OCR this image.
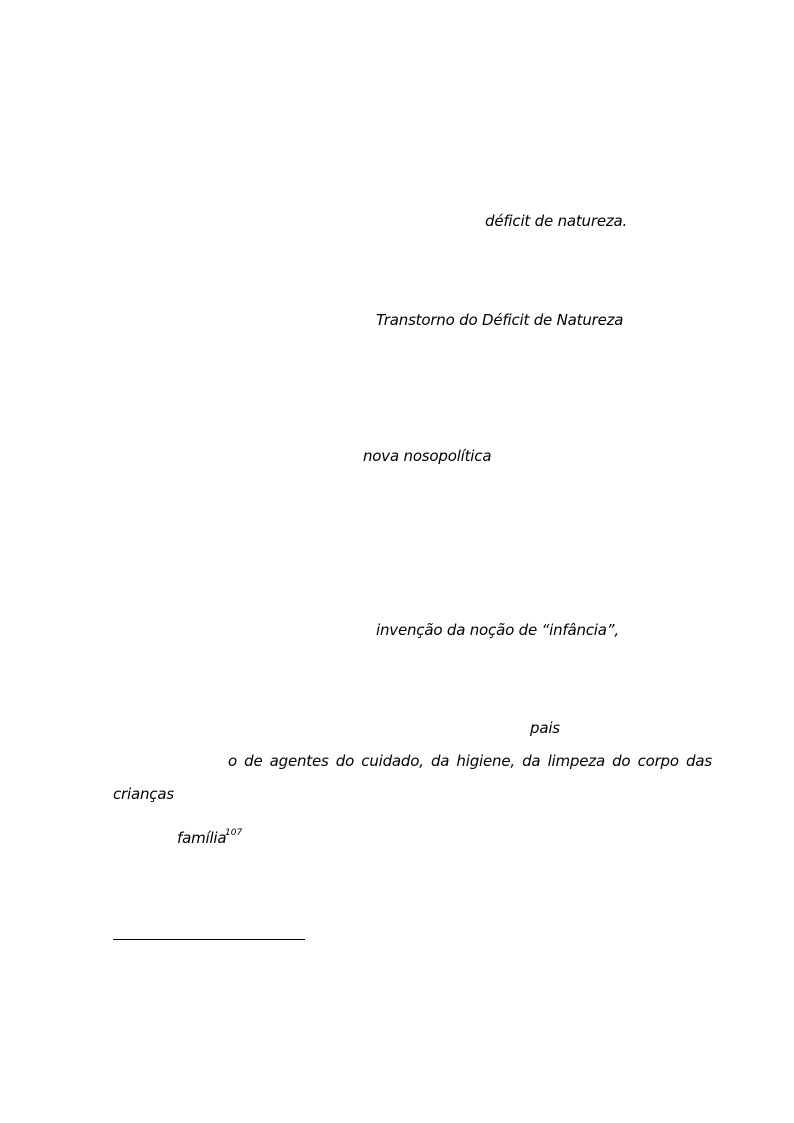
déficit de natureza.
Transtorno do Déficit de Natureza
nova nosopolítica
invenção da noção de “infância”,
pais
o de agentes do cuidado, da higiene, da limpeza do corpo das
crianças
família
107
